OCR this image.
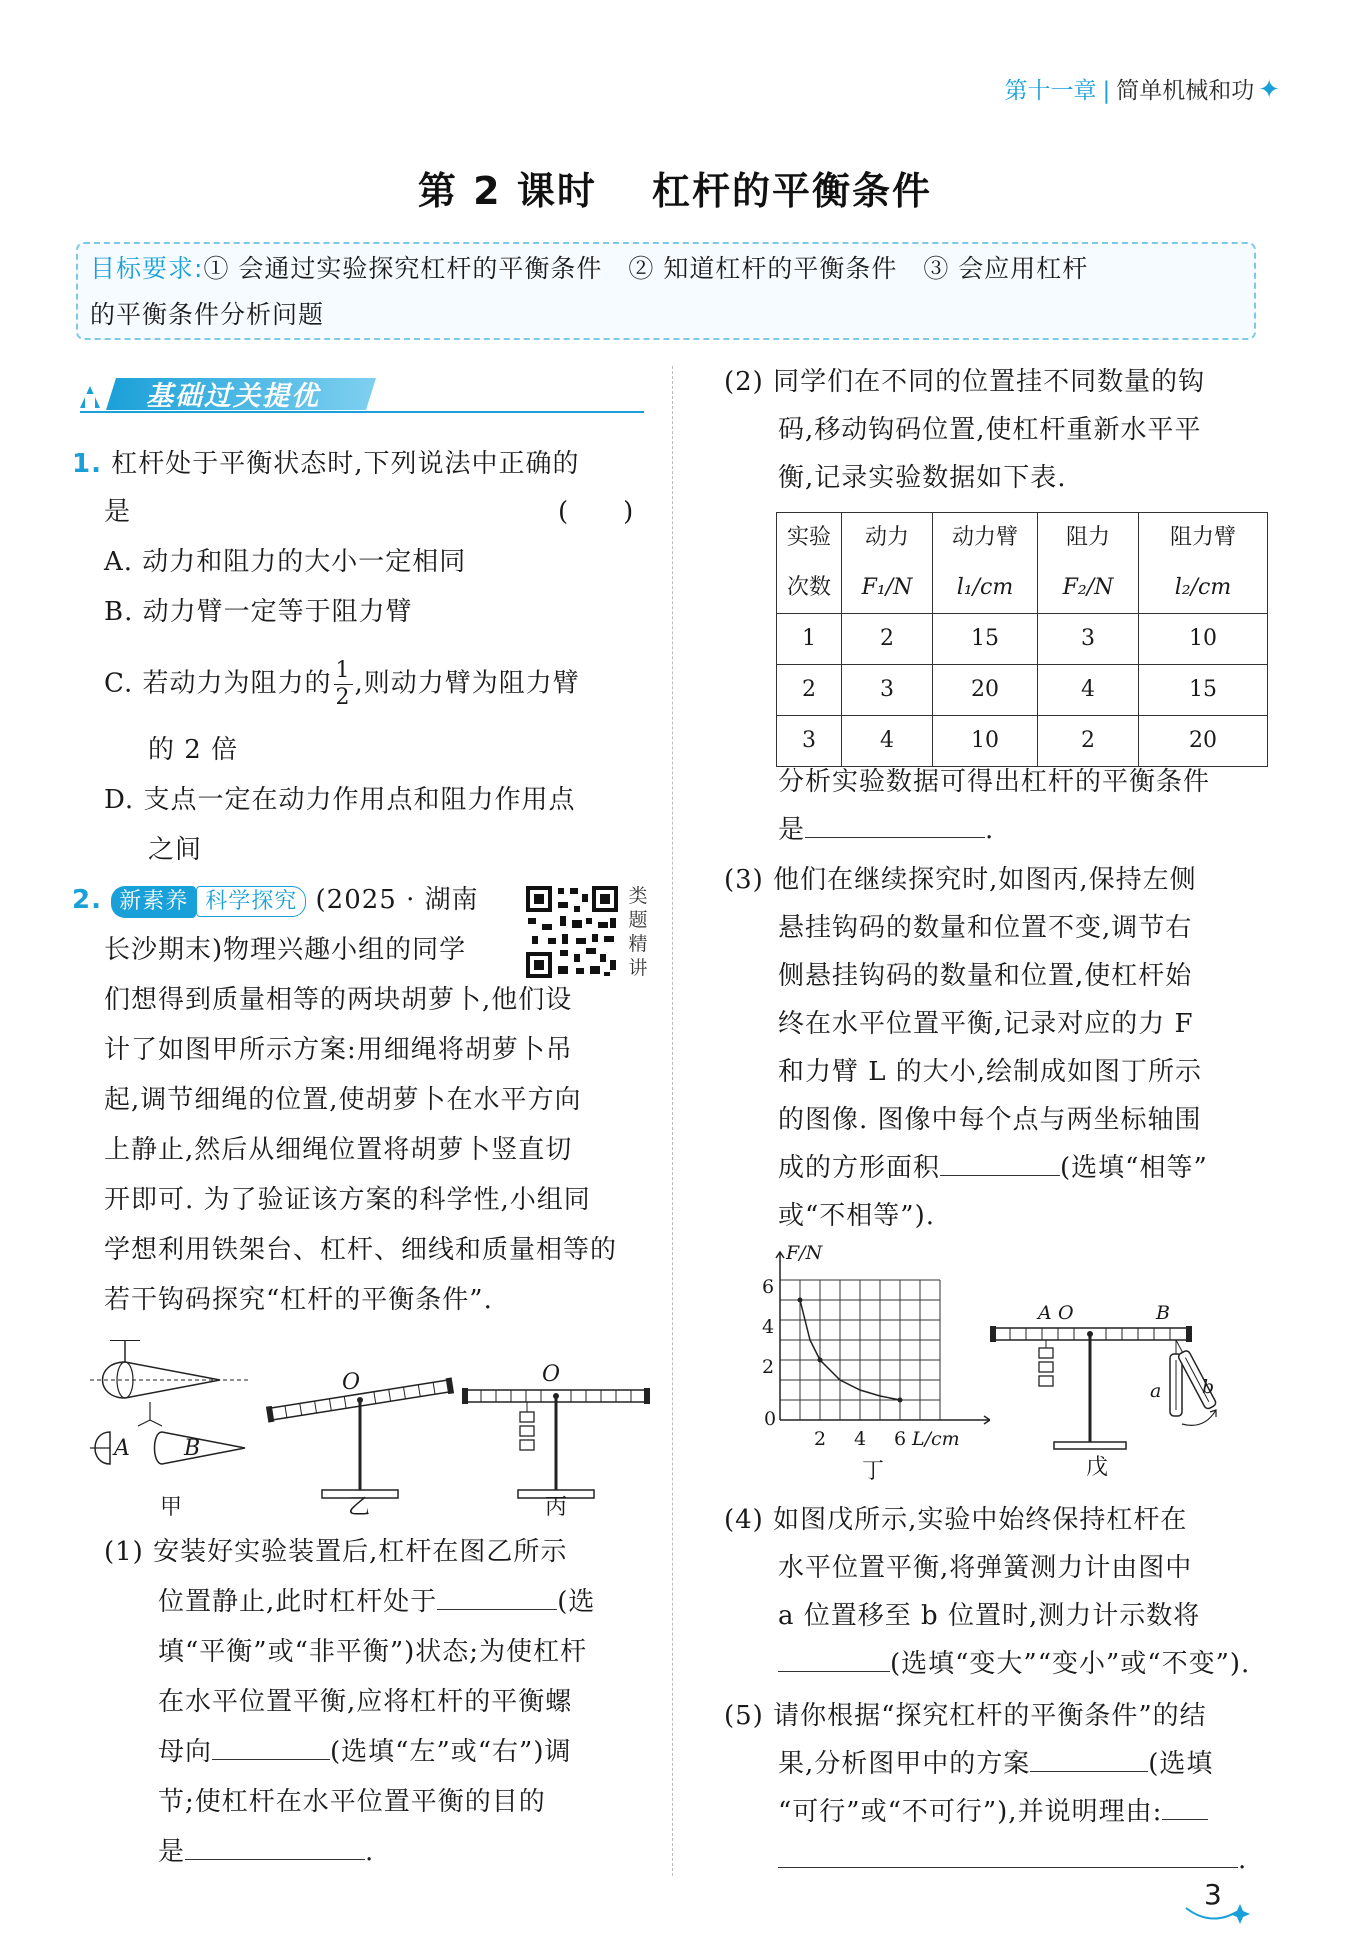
第十一章 | 简单机械和功 ✦
第 2 课时　 杠杆的平衡条件
目标要求:① 会通过实验探究杠杆的平衡条件　② 知道杠杆的平衡条件　③ 会应用杠杆
的平衡条件分析问题
基础过关提优
1. 杠杆处于平衡状态时,下列说法中正确的
是	(　　)
A. 动力和阻力的大小一定相同
B. 动力臂一定等于阻力臂
C. 若动力为阻力的 $\frac{1}{2}$ ,则动力臂为阻力臂
的 2 倍
D. 支点一定在动力作用点和阻力作用点
之间
2. 新素养 科学探究 (2025 · 湖南	类
题
精
讲
长沙期末)物理兴趣小组的同学
们想得到质量相等的两块胡萝卜,他们设
计了如图甲所示方案:用细绳将胡萝卜吊
起,调节细绳的位置,使胡萝卜在水平方向
上静止,然后从细绳位置将胡萝卜竖直切
开即可. 为了验证该方案的科学性,小组同
学想利用铁架台、杠杆、细线和质量相等的
若干钩码探究“杠杆的平衡条件”.
A B
O	O
甲	乙	丙
(1) 安装好实验装置后,杠杆在图乙所示
位置静止,此时杠杆处于	(选
填“平衡”或“非平衡”)状态;为使杠杆
在水平位置平衡,应将杠杆的平衡螺
母向	(选填“左”或“右”)调
节;使杠杆在水平位置平衡的目的
是	.
(2) 同学们在不同的位置挂不同数量的钩
码,移动钩码位置,使杠杆重新水平平
衡,记录实验数据如下表.
实验	动力	动力臂	阻力	阻力臂
次数	F₁/N	l₁/cm	F₂/N	l₂/cm
1	2	15	3	10
2	3	20	4	15
3	4	10	2	20
分析实验数据可得出杠杆的平衡条件
是	.
(3) 他们在继续探究时,如图丙,保持左侧
悬挂钩码的数量和位置不变,调节右
侧悬挂钩码的数量和位置,使杠杆始
终在水平位置平衡,记录对应的力 F
和力臂 L 的大小,绘制成如图丁所示
的图像. 图像中每个点与两坐标轴围
成的方形面积	(选填“相等”
或“不相等”).
F/N
6
4
2
0
2 4 6 L/cm
丁
A O	B
a b
戊
(4) 如图戊所示,实验中始终保持杠杆在
水平位置平衡,将弹簧测力计由图中
a 位置移至 b 位置时,测力计示数将
(选填“变大”“变小”或“不变”).
(5) 请你根据“探究杠杆的平衡条件”的结
果,分析图甲中的方案	(选填
“可行”或“不可行”),并说明理由:
.
3
